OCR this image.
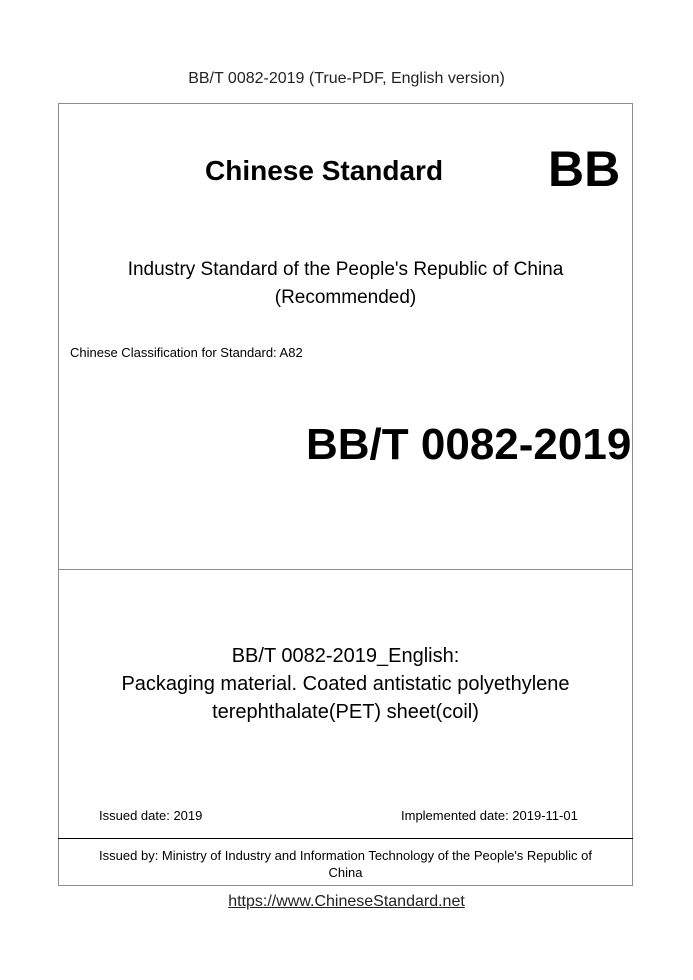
BB/T 0082-2019 (True-PDF, English version)
Chinese Standard BB
Industry Standard of the People's Republic of China
(Recommended)
Chinese Classification for Standard: A82
BB/T 0082-2019
BB/T 0082-2019_English:
Packaging material. Coated antistatic polyethylene
terephthalate(PET) sheet(coil)
Issued date: 2019	Implemented date: 2019-11-01
Issued by: Ministry of Industry and Information Technology of the People's Republic of
China
https://www.ChineseStandard.net
